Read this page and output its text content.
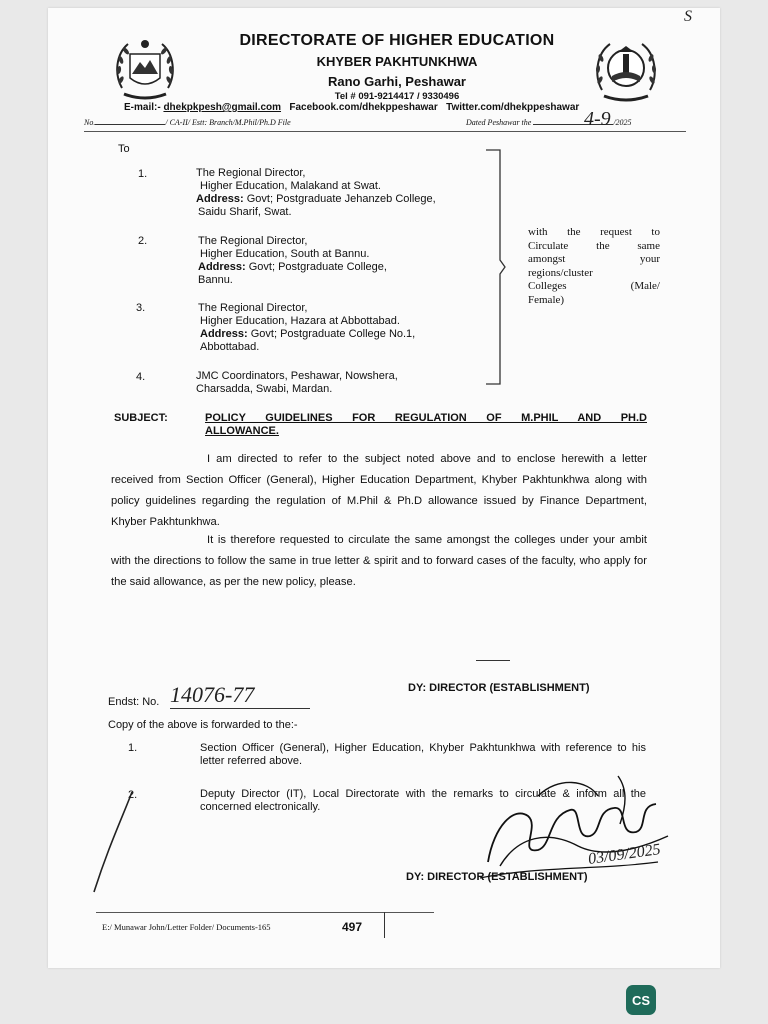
DIRECTORATE OF HIGHER EDUCATION
KHYBER PAKHTUNKHWA
Rano Garhi, Peshawar
Tel # 091-9214417 / 9330496
E-mail:- dhekpkpesh@gmail.com Facebook.com/dhekppeshawar Twitter.com/dhekppeshawar
No.	/ CA-II/ Estt: Branch/M.Phil/Ph.D File	Dated Peshawar the	/2025
4-9
S
To
1.	The Regional Director,
Higher Education, Malakand at Swat.
Address: Govt; Postgraduate Jehanzeb College,
Saidu Sharif, Swat.
2.	The Regional Director,
Higher Education, South at Bannu.
Address: Govt; Postgraduate College,
Bannu.
3.	The Regional Director,
Higher Education, Hazara at Abbottabad.
Address: Govt; Postgraduate College No.1,
Abbottabad.
4.	JMC Coordinators, Peshawar, Nowshera,
Charsadda, Swabi, Mardan.
with the request to
Circulate the same
amongst your
regions/cluster
Colleges (Male/
Female)
SUBJECT:	POLICY GUIDELINES FOR REGULATION OF M.PHIL AND PH.D
ALLOWANCE.
I am directed to refer to the subject noted above and to enclose herewith a letter received from Section Officer (General), Higher Education Department, Khyber Pakhtunkhwa along with policy guidelines regarding the regulation of M.Phil & Ph.D allowance issued by Finance Department, Khyber Pakhtunkhwa.
It is therefore requested to circulate the same amongst the colleges under your ambit with the directions to follow the same in true letter & spirit and to forward cases of the faculty, who apply for the said allowance, as per the new policy, please.
DY: DIRECTOR (ESTABLISHMENT)
Endst: No. 14076-77
Copy of the above is forwarded to the:-
1.	Section Officer (General), Higher Education, Khyber Pakhtunkhwa with reference to his letter referred above.
2.	Deputy Director (IT), Local Directorate with the remarks to circulate & inform all the concerned electronically.
03/09/2025
DY: DIRECTOR (ESTABLISHMENT)
E:/ Munawar John/Letter Folder/ Documents-165	497
CS
